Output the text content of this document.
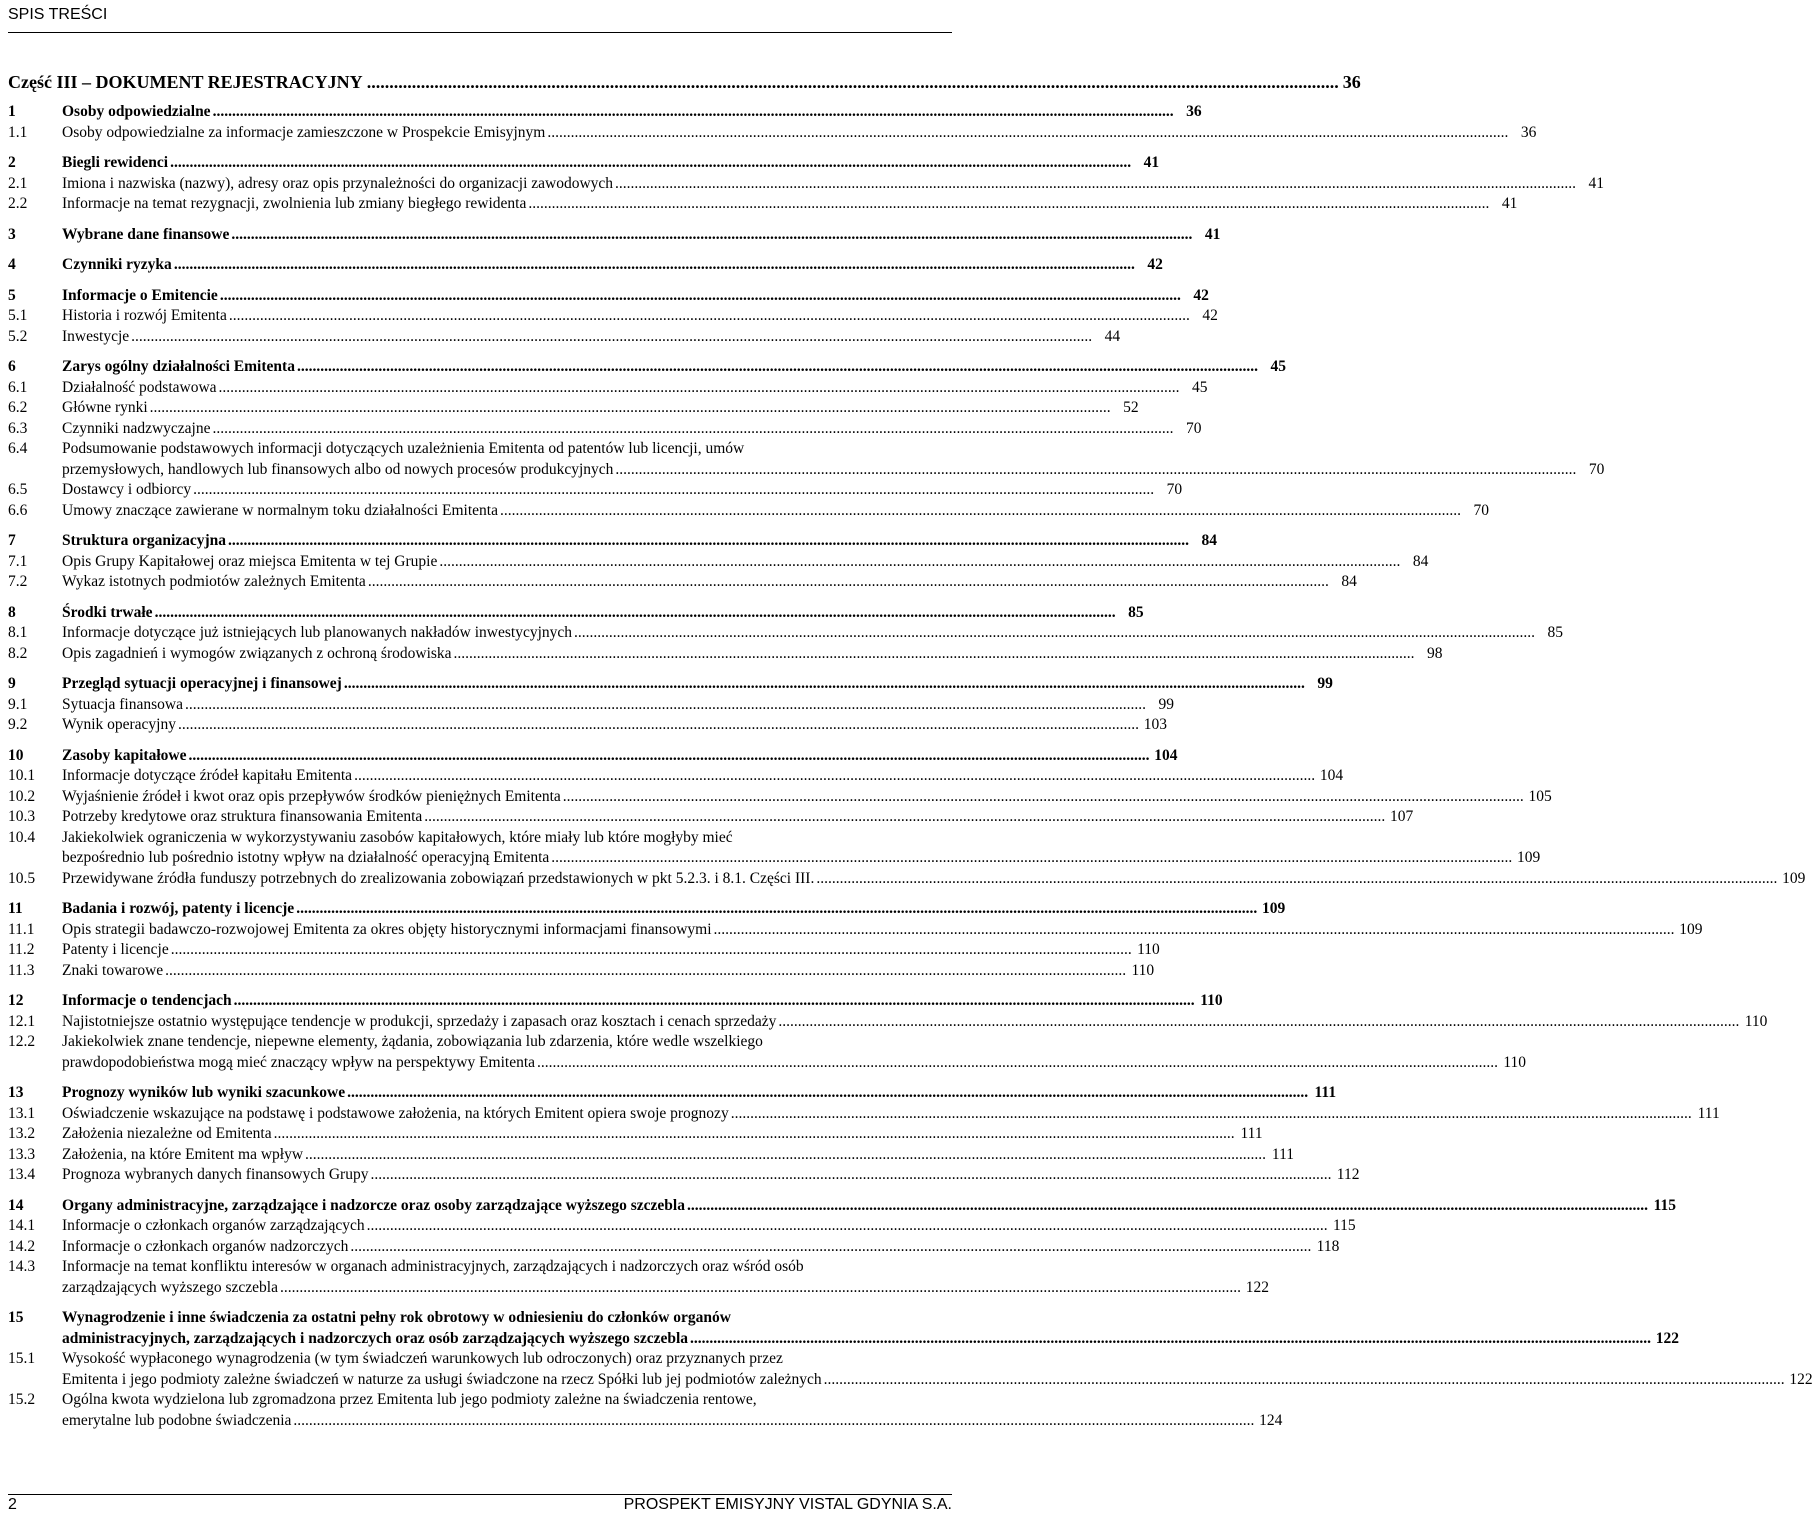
SPIS TREŚCI
Część III – DOKUMENT REJESTRACYJNY .....	36
1	Osoby odpowiedzialne .....	36
1.1	Osoby odpowiedzialne za informacje zamieszczone w Prospekcie Emisyjnym .....	36
2	Biegli rewidenci .....	41
2.1	Imiona i nazwiska (nazwy), adresy oraz opis przynależności do organizacji zawodowych .....	41
2.2	Informacje na temat rezygnacji, zwolnienia lub zmiany biegłego rewidenta .....	41
3	Wybrane dane finansowe .....	41
4	Czynniki ryzyka .....	42
5	Informacje o Emitencie .....	42
5.1	Historia i rozwój Emitenta .....	42
5.2	Inwestycje .....	44
6	Zarys ogólny działalności Emitenta .....	45
6.1	Działalność podstawowa .....	45
6.2	Główne rynki .....	52
6.3	Czynniki nadzwyczajne .....	70
6.4	Podsumowanie podstawowych informacji dotyczących uzależnienia Emitenta od patentów lub licencji, umów
przemysłowych, handlowych lub finansowych albo od nowych procesów produkcyjnych .....	70
6.5	Dostawcy i odbiorcy .....	70
6.6	Umowy znaczące zawierane w normalnym toku działalności Emitenta .....	70
7	Struktura organizacyjna .....	84
7.1	Opis Grupy Kapitałowej oraz miejsca Emitenta w tej Grupie .....	84
7.2	Wykaz istotnych podmiotów zależnych Emitenta .....	84
8	Środki trwałe .....	85
8.1	Informacje dotyczące już istniejących lub planowanych nakładów inwestycyjnych .....	85
8.2	Opis zagadnień i wymogów związanych z ochroną środowiska .....	98
9	Przegląd sytuacji operacyjnej i finansowej .....	99
9.1	Sytuacja finansowa .....	99
9.2	Wynik operacyjny .....	103
10	Zasoby kapitałowe .....	104
10.1	Informacje dotyczące źródeł kapitału Emitenta .....	104
10.2	Wyjaśnienie źródeł i kwot oraz opis przepływów środków pieniężnych Emitenta .....	105
10.3	Potrzeby kredytowe oraz struktura finansowania Emitenta .....	107
10.4	Jakiekolwiek ograniczenia w wykorzystywaniu zasobów kapitałowych, które miały lub które mogłyby mieć
bezpośrednio lub pośrednio istotny wpływ na działalność operacyjną Emitenta .....	109
10.5	Przewidywane źródła funduszy potrzebnych do zrealizowania zobowiązań przedstawionych w pkt 5.2.3. i 8.1. Części III. .....	109
11	Badania i rozwój, patenty i licencje .....	109
11.1	Opis strategii badawczo-rozwojowej Emitenta za okres objęty historycznymi informacjami finansowymi .....	109
11.2	Patenty i licencje .....	110
11.3	Znaki towarowe .....	110
12	Informacje o tendencjach .....	110
12.1	Najistotniejsze ostatnio występujące tendencje w produkcji, sprzedaży i zapasach oraz kosztach i cenach sprzedaży .....	110
12.2	Jakiekolwiek znane tendencje, niepewne elementy, żądania, zobowiązania lub zdarzenia, które wedle wszelkiego
prawdopodobieństwa mogą mieć znaczący wpływ na perspektywy Emitenta .....	110
13	Prognozy wyników lub wyniki szacunkowe .....	111
13.1	Oświadczenie wskazujące na podstawę i podstawowe założenia, na których Emitent opiera swoje prognozy .....	111
13.2	Założenia niezależne od Emitenta .....	111
13.3	Założenia, na które Emitent ma wpływ .....	111
13.4	Prognoza wybranych danych finansowych Grupy .....	112
14	Organy administracyjne, zarządzające i nadzorcze oraz osoby zarządzające wyższego szczebla .....	115
14.1	Informacje o członkach organów zarządzających .....	115
14.2	Informacje o członkach organów nadzorczych .....	118
14.3	Informacje na temat konfliktu interesów w organach administracyjnych, zarządzających i nadzorczych oraz wśród osób
zarządzających wyższego szczebla .....	122
15	Wynagrodzenie i inne świadczenia za ostatni pełny rok obrotowy w odniesieniu do członków organów
administracyjnych, zarządzających i nadzorczych oraz osób zarządzających wyższego szczebla .....	122
15.1	Wysokość wypłaconego wynagrodzenia (w tym świadczeń warunkowych lub odroczonych) oraz przyznanych przez
Emitenta i jego podmioty zależne świadczeń w naturze za usługi świadczone na rzecz Spółki lub jej podmiotów zależnych .....	122
15.2	Ogólna kwota wydzielona lub zgromadzona przez Emitenta lub jego podmioty zależne na świadczenia rentowe,
emerytalne lub podobne świadczenia .....	124
2	PROSPEKT EMISYJNY VISTAL GDYNIA S.A.
